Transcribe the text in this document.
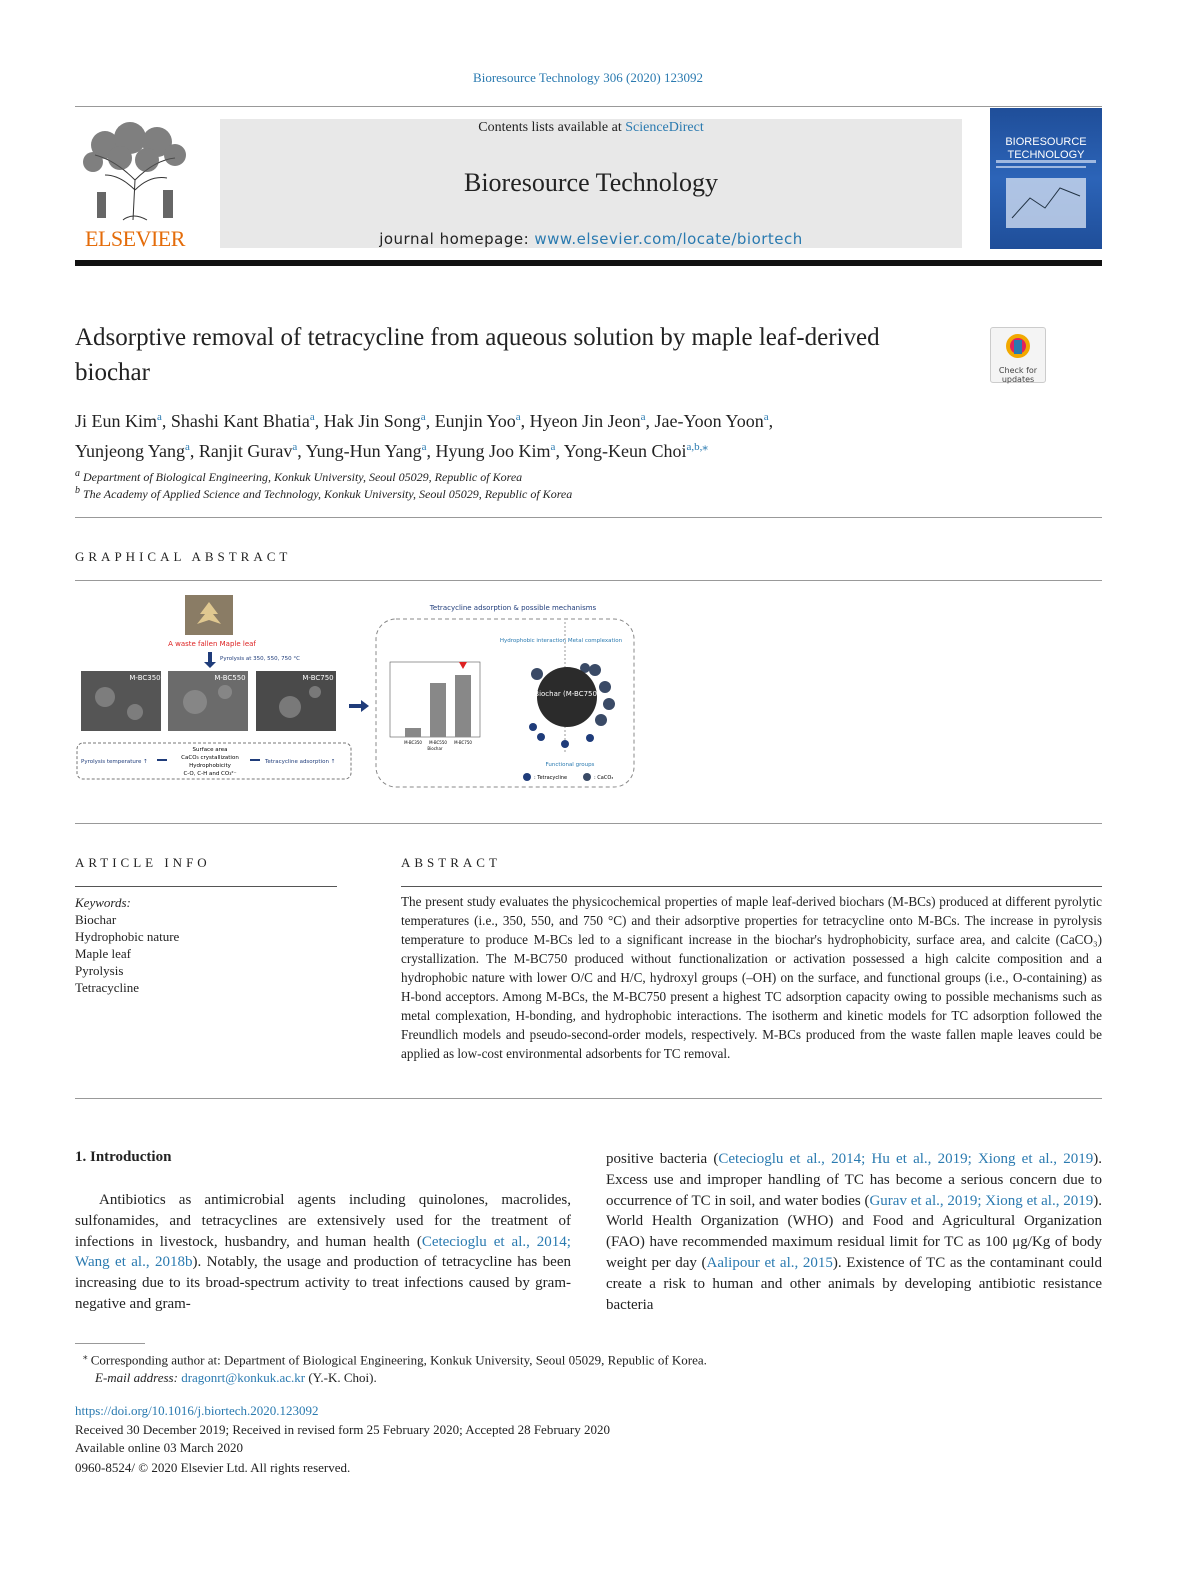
Bioresource Technology 306 (2020) 123092
ELSEVIER
Contents lists available at ScienceDirect
Bioresource Technology
journal homepage: www.elsevier.com/locate/biortech
BIORESOURCE TECHNOLOGY
Adsorptive removal of tetracycline from aqueous solution by maple leaf-derived biochar	Check for updates
Ji Eun Kim$^a$, Shashi Kant Bhatia$^a$, Hak Jin Song$^a$, Eunjin Yoo$^a$, Hyeon Jin Jeon$^a$, Jae-Yoon Yoon$^a$,
Yunjeong Yang$^a$, Ranjit Gurav$^a$, Yung-Hun Yang$^a$, Hyung Joo Kim$^a$, Yong-Keun Choi$^{a,b,⁎}$
$^a$ Department of Biological Engineering, Konkuk University, Seoul 05029, Republic of Korea
$^b$ The Academy of Applied Science and Technology, Konkuk University, Seoul 05029, Republic of Korea
GRAPHICAL ABSTRACT
A waste fallen Maple leaf
Pyrolysis at 350, 550, 750 °C
M-BC350	M-BC550	M-BC750
Pyrolysis temperature ↑
Surface area
CaCO₃ crystallization
Hydrophobicity
C-O, C-H and CO₃²⁻
Tetracycline adsorption ↑
Tetracycline adsorption & possible mechanisms
M-BC350 M-BC550 M-BC750
Biochar
Hydrophobic interaction Metal complexation
Biochar (M-BC750)
Functional groups
: Tetracycline	: CaCO₃
ARTICLE INFO
Keywords:
Biochar
Hydrophobic nature
Maple leaf
Pyrolysis
Tetracycline
ABSTRACT
The present study evaluates the physicochemical properties of maple leaf-derived biochars (M-BCs) produced at different pyrolytic temperatures (i.e., 350, 550, and 750 °C) and their adsorptive properties for tetracycline onto M-BCs. The increase in pyrolysis temperature to produce M-BCs led to a significant increase in the biochar's hydrophobicity, surface area, and calcite (CaCO₃) crystallization. The M-BC750 produced without functionalization or activation possessed a high calcite composition and a hydrophobic nature with lower O/C and H/C, hydroxyl groups (–OH) on the surface, and functional groups (i.e., O-containing) as H-bond acceptors. Among M-BCs, the M-BC750 present a highest TC adsorption capacity owing to possible mechanisms such as metal complexation, H-bonding, and hydrophobic interactions. The isotherm and kinetic models for TC adsorption followed the Freundlich models and pseudo-second-order models, respectively. M-BCs produced from the waste fallen maple leaves could be applied as low-cost environmental adsorbents for TC removal.
1. Introduction
Antibiotics as antimicrobial agents including quinolones, macrolides, sulfonamides, and tetracyclines are extensively used for the treatment of infections in livestock, husbandry, and human health (Cetecioglu et al., 2014; Wang et al., 2018b). Notably, the usage and production of tetracycline has been increasing due to its broad-spectrum activity to treat infections caused by gram-negative and gram-
positive bacteria (Cetecioglu et al., 2014; Hu et al., 2019; Xiong et al., 2019). Excess use and improper handling of TC has become a serious concern due to occurrence of TC in soil, and water bodies (Gurav et al., 2019; Xiong et al., 2019). World Health Organization (WHO) and Food and Agricultural Organization (FAO) have recommended maximum residual limit for TC as 100 μg/Kg of body weight per day (Aalipour et al., 2015). Existence of TC as the contaminant could create a risk to human and other animals by developing antibiotic resistance bacteria
⁎ Corresponding author at: Department of Biological Engineering, Konkuk University, Seoul 05029, Republic of Korea.
E-mail address: dragonrt@konkuk.ac.kr (Y.-K. Choi).
https://doi.org/10.1016/j.biortech.2020.123092
Received 30 December 2019; Received in revised form 25 February 2020; Accepted 28 February 2020
Available online 03 March 2020
0960-8524/ © 2020 Elsevier Ltd. All rights reserved.
